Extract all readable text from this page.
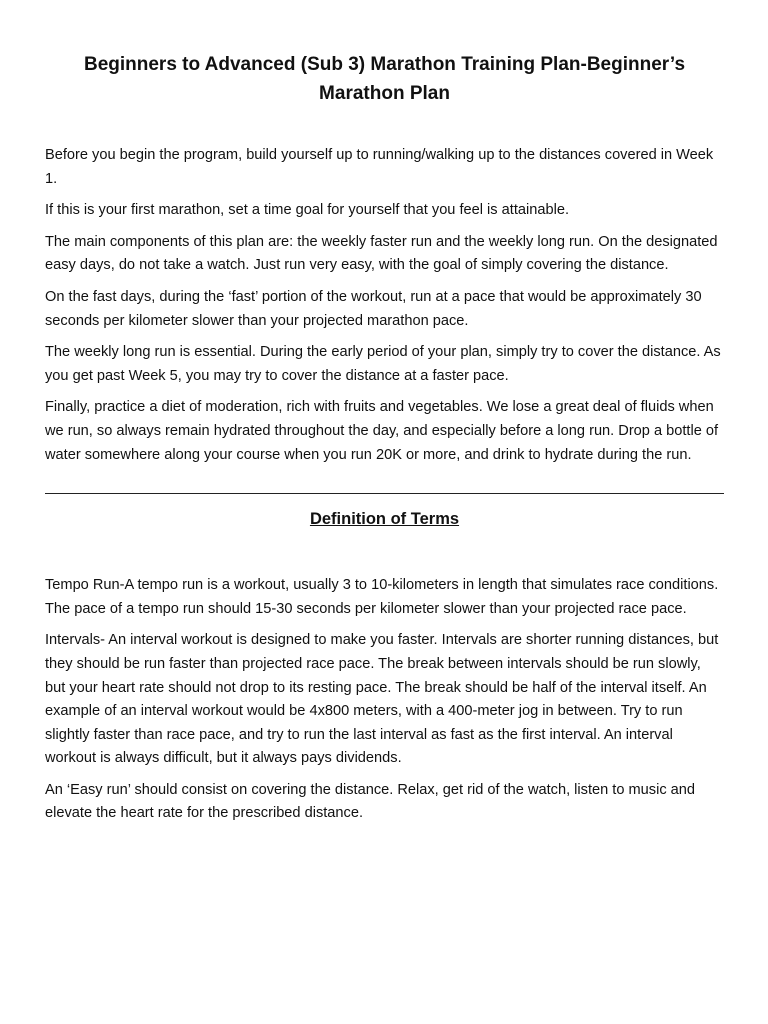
Beginners to Advanced (Sub 3) Marathon Training Plan-Beginner’s Marathon Plan

Before you begin the program, build yourself up to running/walking up to the distances covered in Week 1.

If this is your first marathon, set a time goal for yourself that you feel is attainable.

The main components of this plan are: the weekly faster run and the weekly long run. On the designated easy days, do not take a watch. Just run very easy, with the goal of simply covering the distance.

On the fast days, during the ‘fast’ portion of the workout, run at a pace that would be approximately 30 seconds per kilometer slower than your projected marathon pace.

The weekly long run is essential. During the early period of your plan, simply try to cover the distance. As you get past Week 5, you may try to cover the distance at a faster pace.

Finally, practice a diet of moderation, rich with fruits and vegetables. We lose a great deal of fluids when we run, so always remain hydrated throughout the day, and especially before a long run. Drop a bottle of water somewhere along your course when you run 20K or more, and drink to hydrate during the run.

Definition of Terms

Tempo Run-A tempo run is a workout, usually 3 to 10-kilometers in length that simulates race conditions. The pace of a tempo run should 15-30 seconds per kilometer slower than your projected race pace.

Intervals- An interval workout is designed to make you faster. Intervals are shorter running distances, but they should be run faster than projected race pace. The break between intervals should be run slowly, but your heart rate should not drop to its resting pace. The break should be half of the interval itself. An example of an interval workout would be 4x800 meters, with a 400-meter jog in between. Try to run slightly faster than race pace, and try to run the last interval as fast as the first interval. An interval workout is always difficult, but it always pays dividends.

An ‘Easy run’ should consist on covering the distance. Relax, get rid of the watch, listen to music and elevate the heart rate for the prescribed distance.
